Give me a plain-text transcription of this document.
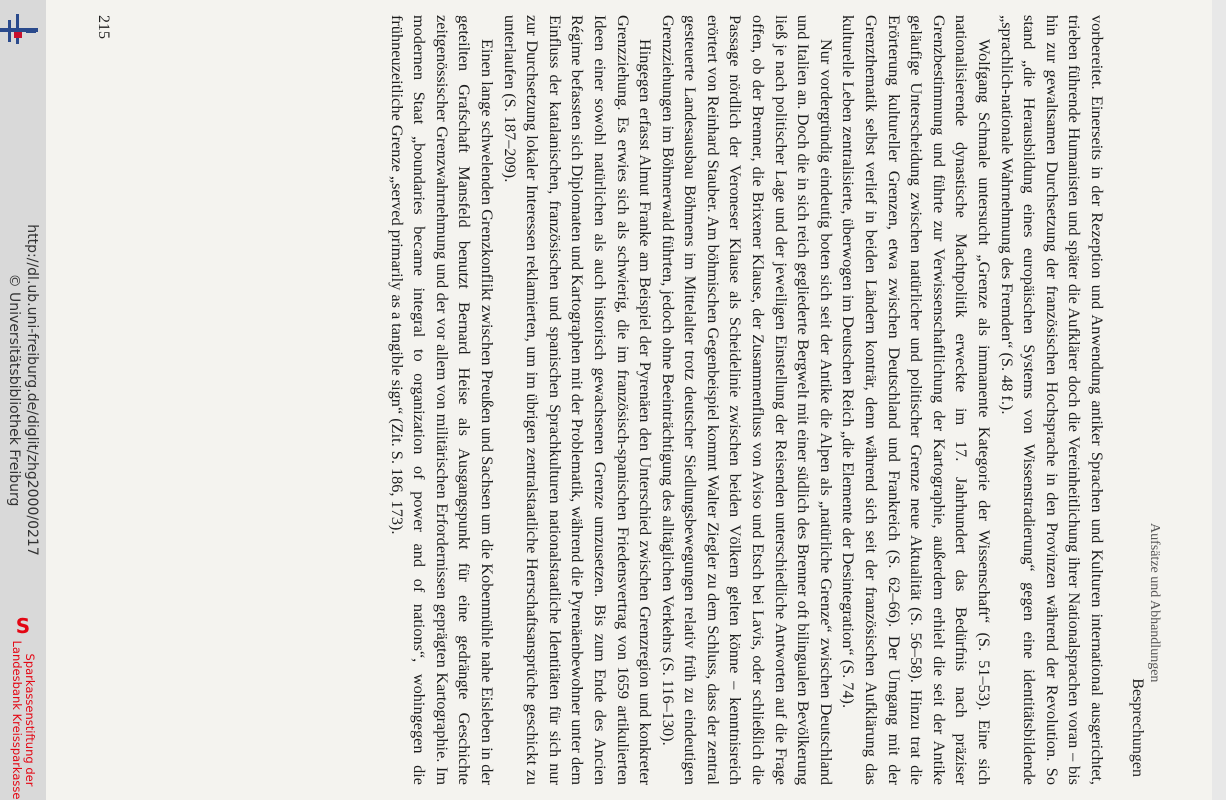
http://dl.ub.uni-freiburg.de/diglit/zhg2000/0217
© Universitätsbibliothek Freiburg
S
Sparkassenstiftung der
Landesbank Kreissparkasse
Aufsätze und Abhandlungen
Besprechungen

vorbereitet. Einerseits in der Rezeption und Anwendung antiker Sprachen und Kulturen international ausgerichtet, trieben führende Humanisten und später die Aufklärer doch die Vereinheitlichung ihrer Nationalsprachen voran – bis hin zur gewaltsamen Durchsetzung der französischen Hochsprache in den Provinzen während der Revolution. So stand „die Herausbildung eines europäischen Systems von Wissenstradierung“ gegen eine identitätsbildende „sprachlich-nationale Wahrnehmung des Fremden“ (S. 48 f.).

Wolfgang Schmale untersucht „Grenze als immanente Kategorie der Wissenschaft“ (S. 51–53). Eine sich nationalisierende dynastische Machtpolitik erweckte im 17. Jahrhundert das Bedürfnis nach präziser Grenzbestimmung und führte zur Verwissenschaftlichung der Kartographie, außerdem erhielt die seit der Antike geläufige Unterscheidung zwischen natürlicher und politischer Grenze neue Aktualität (S. 56–58). Hinzu trat die Erörterung kultureller Grenzen, etwa zwischen Deutschland und Frankreich (S. 62–66). Der Umgang mit der Grenzthematik selbst verlief in beiden Ländern konträr, denn während sich seit der französischen Aufklärung das kulturelle Leben zentralisierte, überwogen im Deutschen Reich „die Elemente der Desintegration“ (S. 74).

Nur vordergründig eindeutig boten sich seit der Antike die Alpen als „natürliche Grenze“ zwischen Deutschland und Italien an. Doch die in sich reich gegliederte Bergwelt mit einer südlich des Brenner oft bilingualen Bevölkerung ließ je nach politischer Lage und der jeweiligen Einstellung der Reisenden unterschiedliche Antworten auf die Frage offen, ob der Brenner, die Brixener Klause, der Zusammenfluss von Aviso und Etsch bei Lavis, oder schließlich die Passage nördlich der Veroneser Klause als Scheidelinie zwischen beiden Völkern gelten könne – kenntnisreich erörtert von Reinhard Stauber. Am böhmischen Gegenbeispiel kommt Walter Ziegler zu dem Schluss, dass der zentral gesteuerte Landesausbau Böhmens im Mittelalter trotz deutscher Siedlungsbewegungen relativ früh zu eindeutigen Grenzziehungen im Böhmerwald führten, jedoch ohne Beeinträchtigung des alltäglichen Verkehrs (S. 116–130).

Hingegen erfasst Almut Franke am Beispiel der Pyrenäen den Unterschied zwischen Grenzregion und konkreter Grenzziehung. Es erwies sich als schwierig, die im französisch-spanischen Friedensvertrag von 1659 artikulierten Ideen einer sowohl natürlichen als auch historisch gewachsenen Grenze umzusetzen. Bis zum Ende des Ancien Régime befassten sich Diplomaten und Kartographen mit der Problematik, während die Pyrenäenbewohner unter dem Einfluss der katalanischen, französischen und spanischen Sprachkulturen nationalstaatliche Identitäten für sich nur zur Durchsetzung lokaler Interessen reklamierten, um im übrigen zentralstaatliche Herrschaftsansprüche geschickt zu unterlaufen (S. 187–209).

Einen lange schwelenden Grenzkonflikt zwischen Preußen und Sachsen um die Kobenmühle nahe Eisleben in der geteilten Grafschaft Mansfeld benutzt Bernard Heise als Ausgangspunkt für eine gedrängte Geschichte zeitgenössischer Grenzwahrnehmung und der vor allem von militärischen Erfordernissen geprägten Kartographie. Im modernen Staat „boundaries became integral to organization of power and of nations“, wohingegen die frühneuzeitliche Grenze „served primarily as a tangible sign“ (Zit. S. 186, 173).

215
